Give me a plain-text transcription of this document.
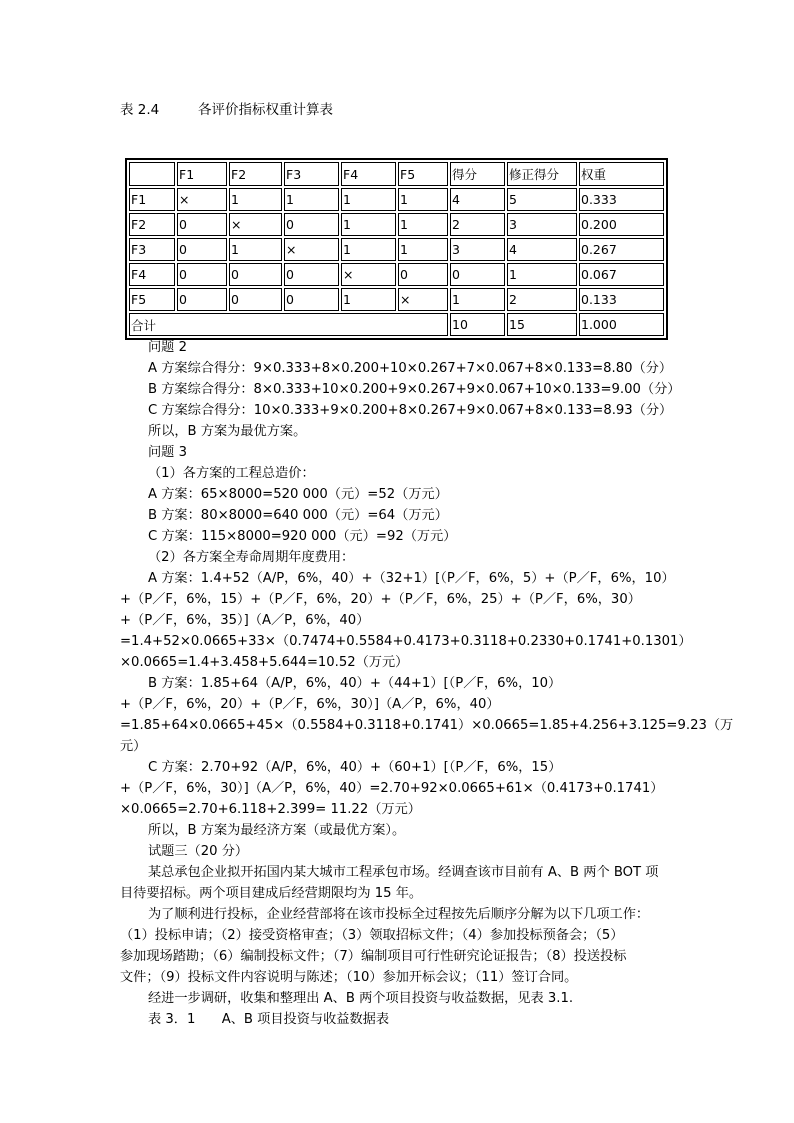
表 2.4	各评价指标权重计算表
	F1	F2	F3	F4	F5	得分	修正得分	权重
F1	×	1	1	1	1	4	5	0.333
F2	0	×	0	1	1	2	3	0.200
F3	0	1	×	1	1	3	4	0.267
F4	0	0	0	×	0	0	1	0.067
F5	0	0	0	1	×	1	2	0.133
合计						10	15	1.000
问题 2
A 方案综合得分：9×0.333+8×0.200+10×0.267+7×0.067+8×0.133=8.80（分）
B 方案综合得分：8×0.333+10×0.200+9×0.267+9×0.067+10×0.133=9.00（分）
C 方案综合得分：10×0.333+9×0.200+8×0.267+9×0.067+8×0.133=8.93（分）
所以，B 方案为最优方案。
问题 3
（1）各方案的工程总造价：
A 方案：65×8000=520 000（元）=52（万元）
B 方案：80×8000=640 000（元）=64（万元）
C 方案：115×8000=920 000（元）=92（万元）
（2）各方案全寿命周期年度费用：
A 方案：1.4+52（A/P，6%，40）+（32+1）[（P／F，6%，5）+（P／F，6%，10）
+（P／F，6%，15）+（P／F，6%，20）+（P／F，6%，25）+（P／F，6%，30）
+（P／F，6%，35）]（A／P，6%，40）
=1.4+52×0.0665+33×（0.7474+0.5584+0.4173+0.3118+0.2330+0.1741+0.1301）
×0.0665=1.4+3.458+5.644=10.52（万元）
B 方案：1.85+64（A/P，6%，40）+（44+1）[（P／F，6%，10）
+（P／F，6%，20）+（P／F，6%，30）]（A／P，6%，40）
=1.85+64×0.0665+45×（0.5584+0.3118+0.1741）×0.0665=1.85+4.256+3.125=9.23（万
元）
C 方案：2.70+92（A/P，6%，40）+（60+1）[（P／F，6%，15）
+（P／F，6%，30）]（A／P，6%，40）=2.70+92×0.0665+61×（0.4173+0.1741）
×0.0665=2.70+6.118+2.399= 11.22（万元）
所以，B 方案为最经济方案（或最优方案）。
试题三（20 分）
某总承包企业拟开拓国内某大城市工程承包市场。经调查该市目前有 A、B 两个 BOT 项
目待要招标。两个项目建成后经营期限均为 15 年。
为了顺利进行投标，企业经营部将在该市投标全过程按先后顺序分解为以下几项工作：
（1）投标申请；（2）接受资格审查；（3）领取招标文件；（4）参加投标预备会；（5）
参加现场踏勘；（6）编制投标文件；（7）编制项目可行性研究论证报告；（8）投送投标
文件；（9）投标文件内容说明与陈述；（10）参加开标会议；（11）签订合同。
经进一步调研，收集和整理出 A、B 两个项目投资与收益数据，见表 3.1.
表 3．1　　A、B 项目投资与收益数据表
